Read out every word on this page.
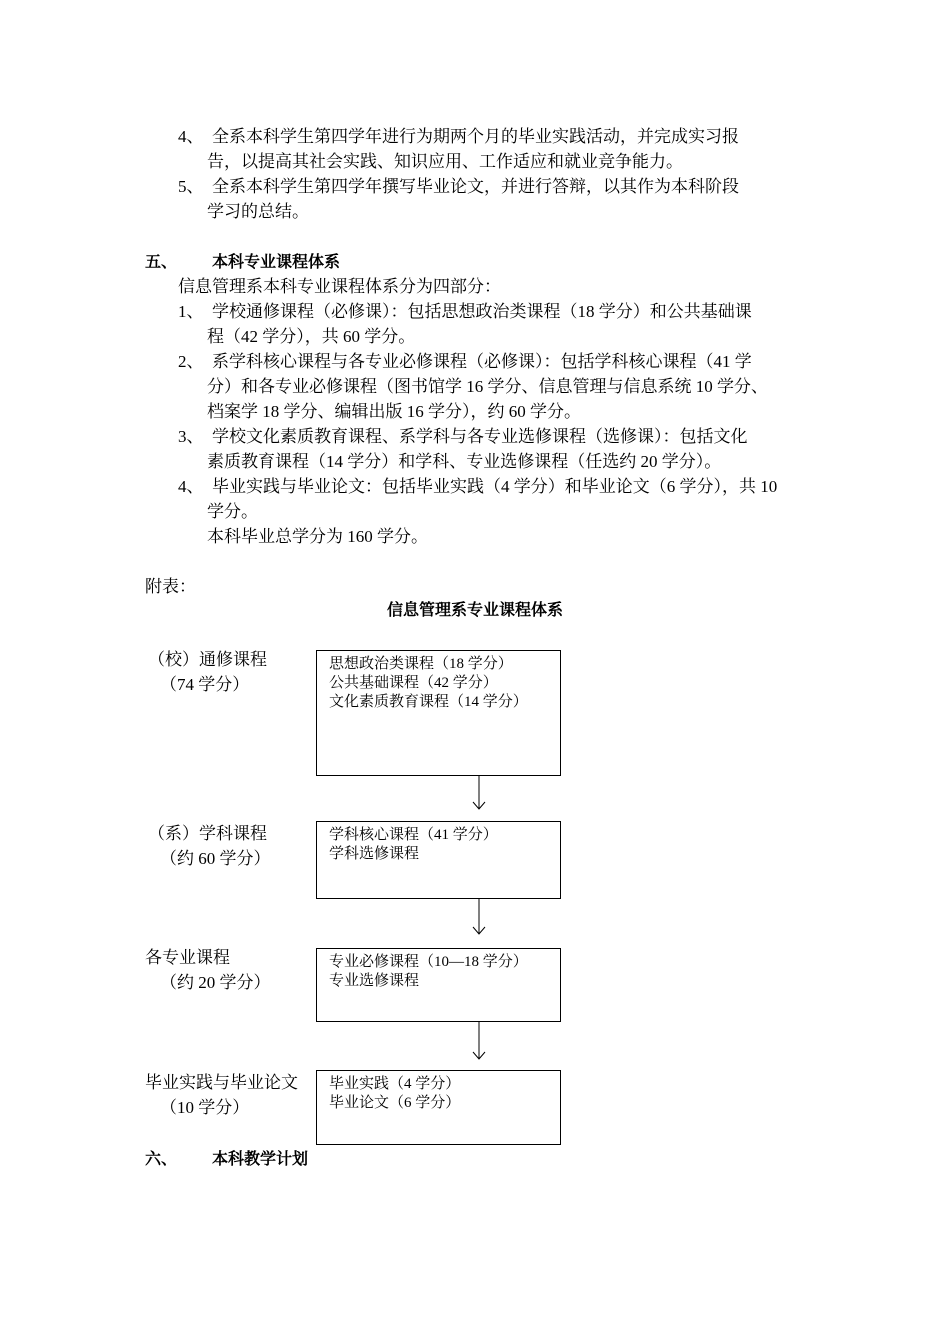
4、 全系本科学生第四学年进行为期两个月的毕业实践活动，并完成实习报
告，以提高其社会实践、知识应用、工作适应和就业竞争能力。
5、 全系本科学生第四学年撰写毕业论文，并进行答辩，以其作为本科阶段
学习的总结。
五、 本科专业课程体系
信息管理系本科专业课程体系分为四部分：
1、 学校通修课程（必修课）：包括思想政治类课程（18 学分）和公共基础课
程（42 学分），共 60 学分。
2、 系学科核心课程与各专业必修课程（必修课）：包括学科核心课程（41 学
分）和各专业必修课程（图书馆学 16 学分、信息管理与信息系统 10 学分、
档案学 18 学分、编辑出版 16 学分），约 60 学分。
3、 学校文化素质教育课程、系学科与各专业选修课程（选修课）：包括文化
素质教育课程（14 学分）和学科、专业选修课程（任选约 20 学分）。
4、 毕业实践与毕业论文：包括毕业实践（4 学分）和毕业论文（6 学分），共 10
学分。
本科毕业总学分为 160 学分。
附表：
信息管理系专业课程体系
（校）通修课程
（74 学分）
思想政治类课程（18 学分）
公共基础课程（42 学分）
文化素质教育课程（14 学分）
（系）学科课程
（约 60 学分）
学科核心课程（41 学分）
学科选修课程
各专业课程
（约 20 学分）
专业必修课程（10—18 学分）
专业选修课程
毕业实践与毕业论文
（10 学分）
毕业实践（4 学分）
毕业论文（6 学分）
六、 本科教学计划
